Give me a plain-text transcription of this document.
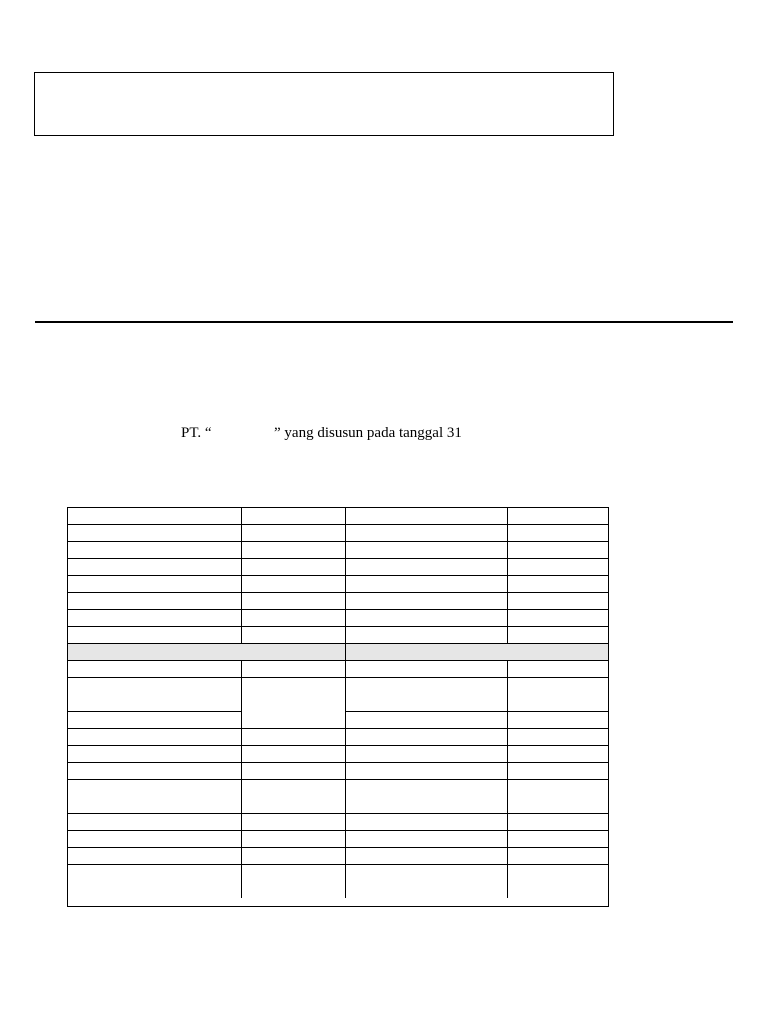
PT. “	” yang disusun pada tanggal 31
